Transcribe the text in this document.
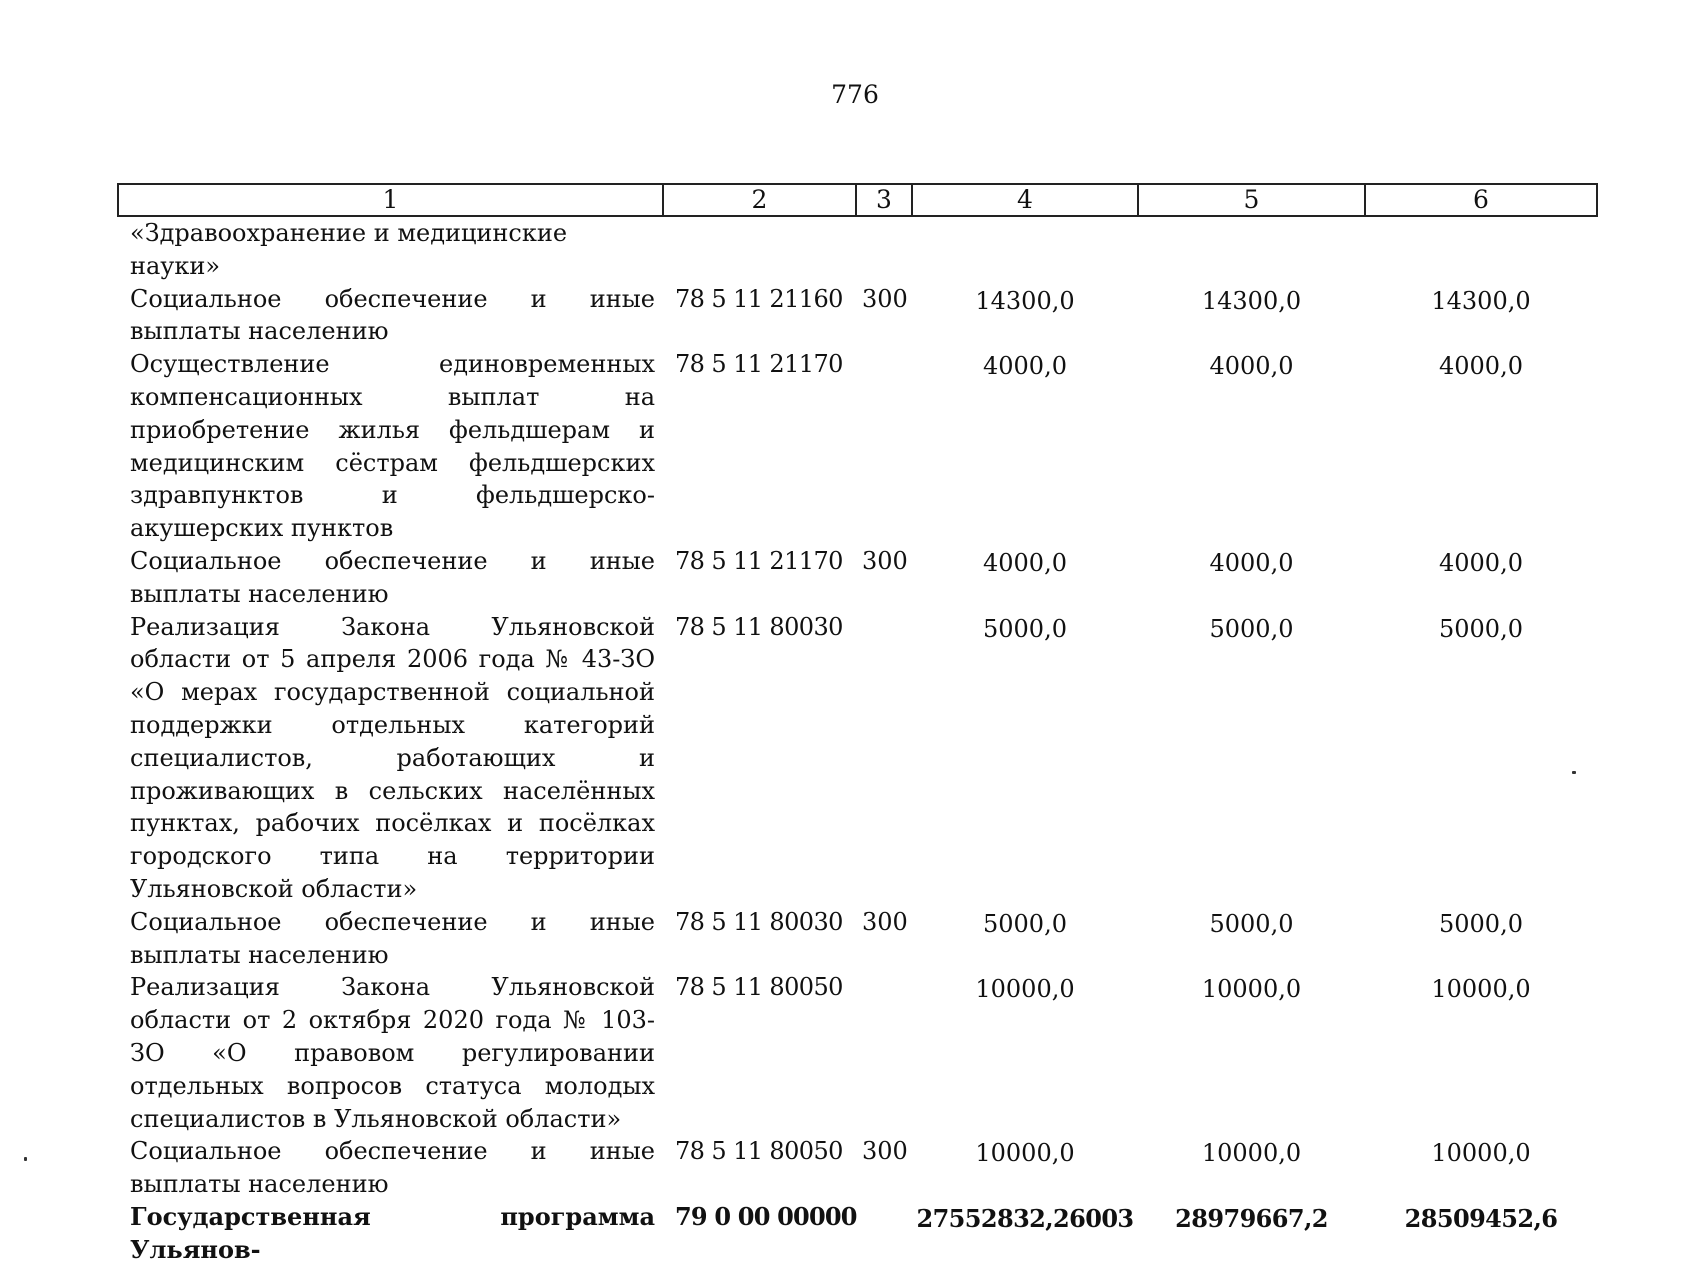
776
1	2	3	4	5	6
«Здравоохранение и медицинские науки»					
Социальное обеспечение и иные выплаты населению	78 5 11 21160	300	14300,0	14300,0	14300,0
Осуществление единовременных компенсационных выплат на приобретение жилья фельдшерам и медицинским сёстрам фельдшерских здравпунктов и фельдшерско-акушерских пунктов	78 5 11 21170		4000,0	4000,0	4000,0
Социальное обеспечение и иные выплаты населению	78 5 11 21170	300	4000,0	4000,0	4000,0
Реализация Закона Ульяновской области от 5 апреля 2006 года № 43-ЗО «О мерах государственной социальной поддержки отдельных категорий специалистов, работающих и проживающих в сельских населённых пунктах, рабочих посёлках и посёлках городского типа на территории Ульяновской области»	78 5 11 80030		5000,0	5000,0	5000,0
Социальное обеспечение и иные выплаты населению	78 5 11 80030	300	5000,0	5000,0	5000,0
Реализация Закона Ульяновской области от 2 октября 2020 года № 103-ЗО «О правовом регулировании отдельных вопросов статуса молодых специалистов в Ульяновской области»	78 5 11 80050		10000,0	10000,0	10000,0
Социальное обеспечение и иные выплаты населению	78 5 11 80050	300	10000,0	10000,0	10000,0
Государственная программа Ульянов-	79 0 00 00000		27552832,26003	28979667,2	28509452,6
